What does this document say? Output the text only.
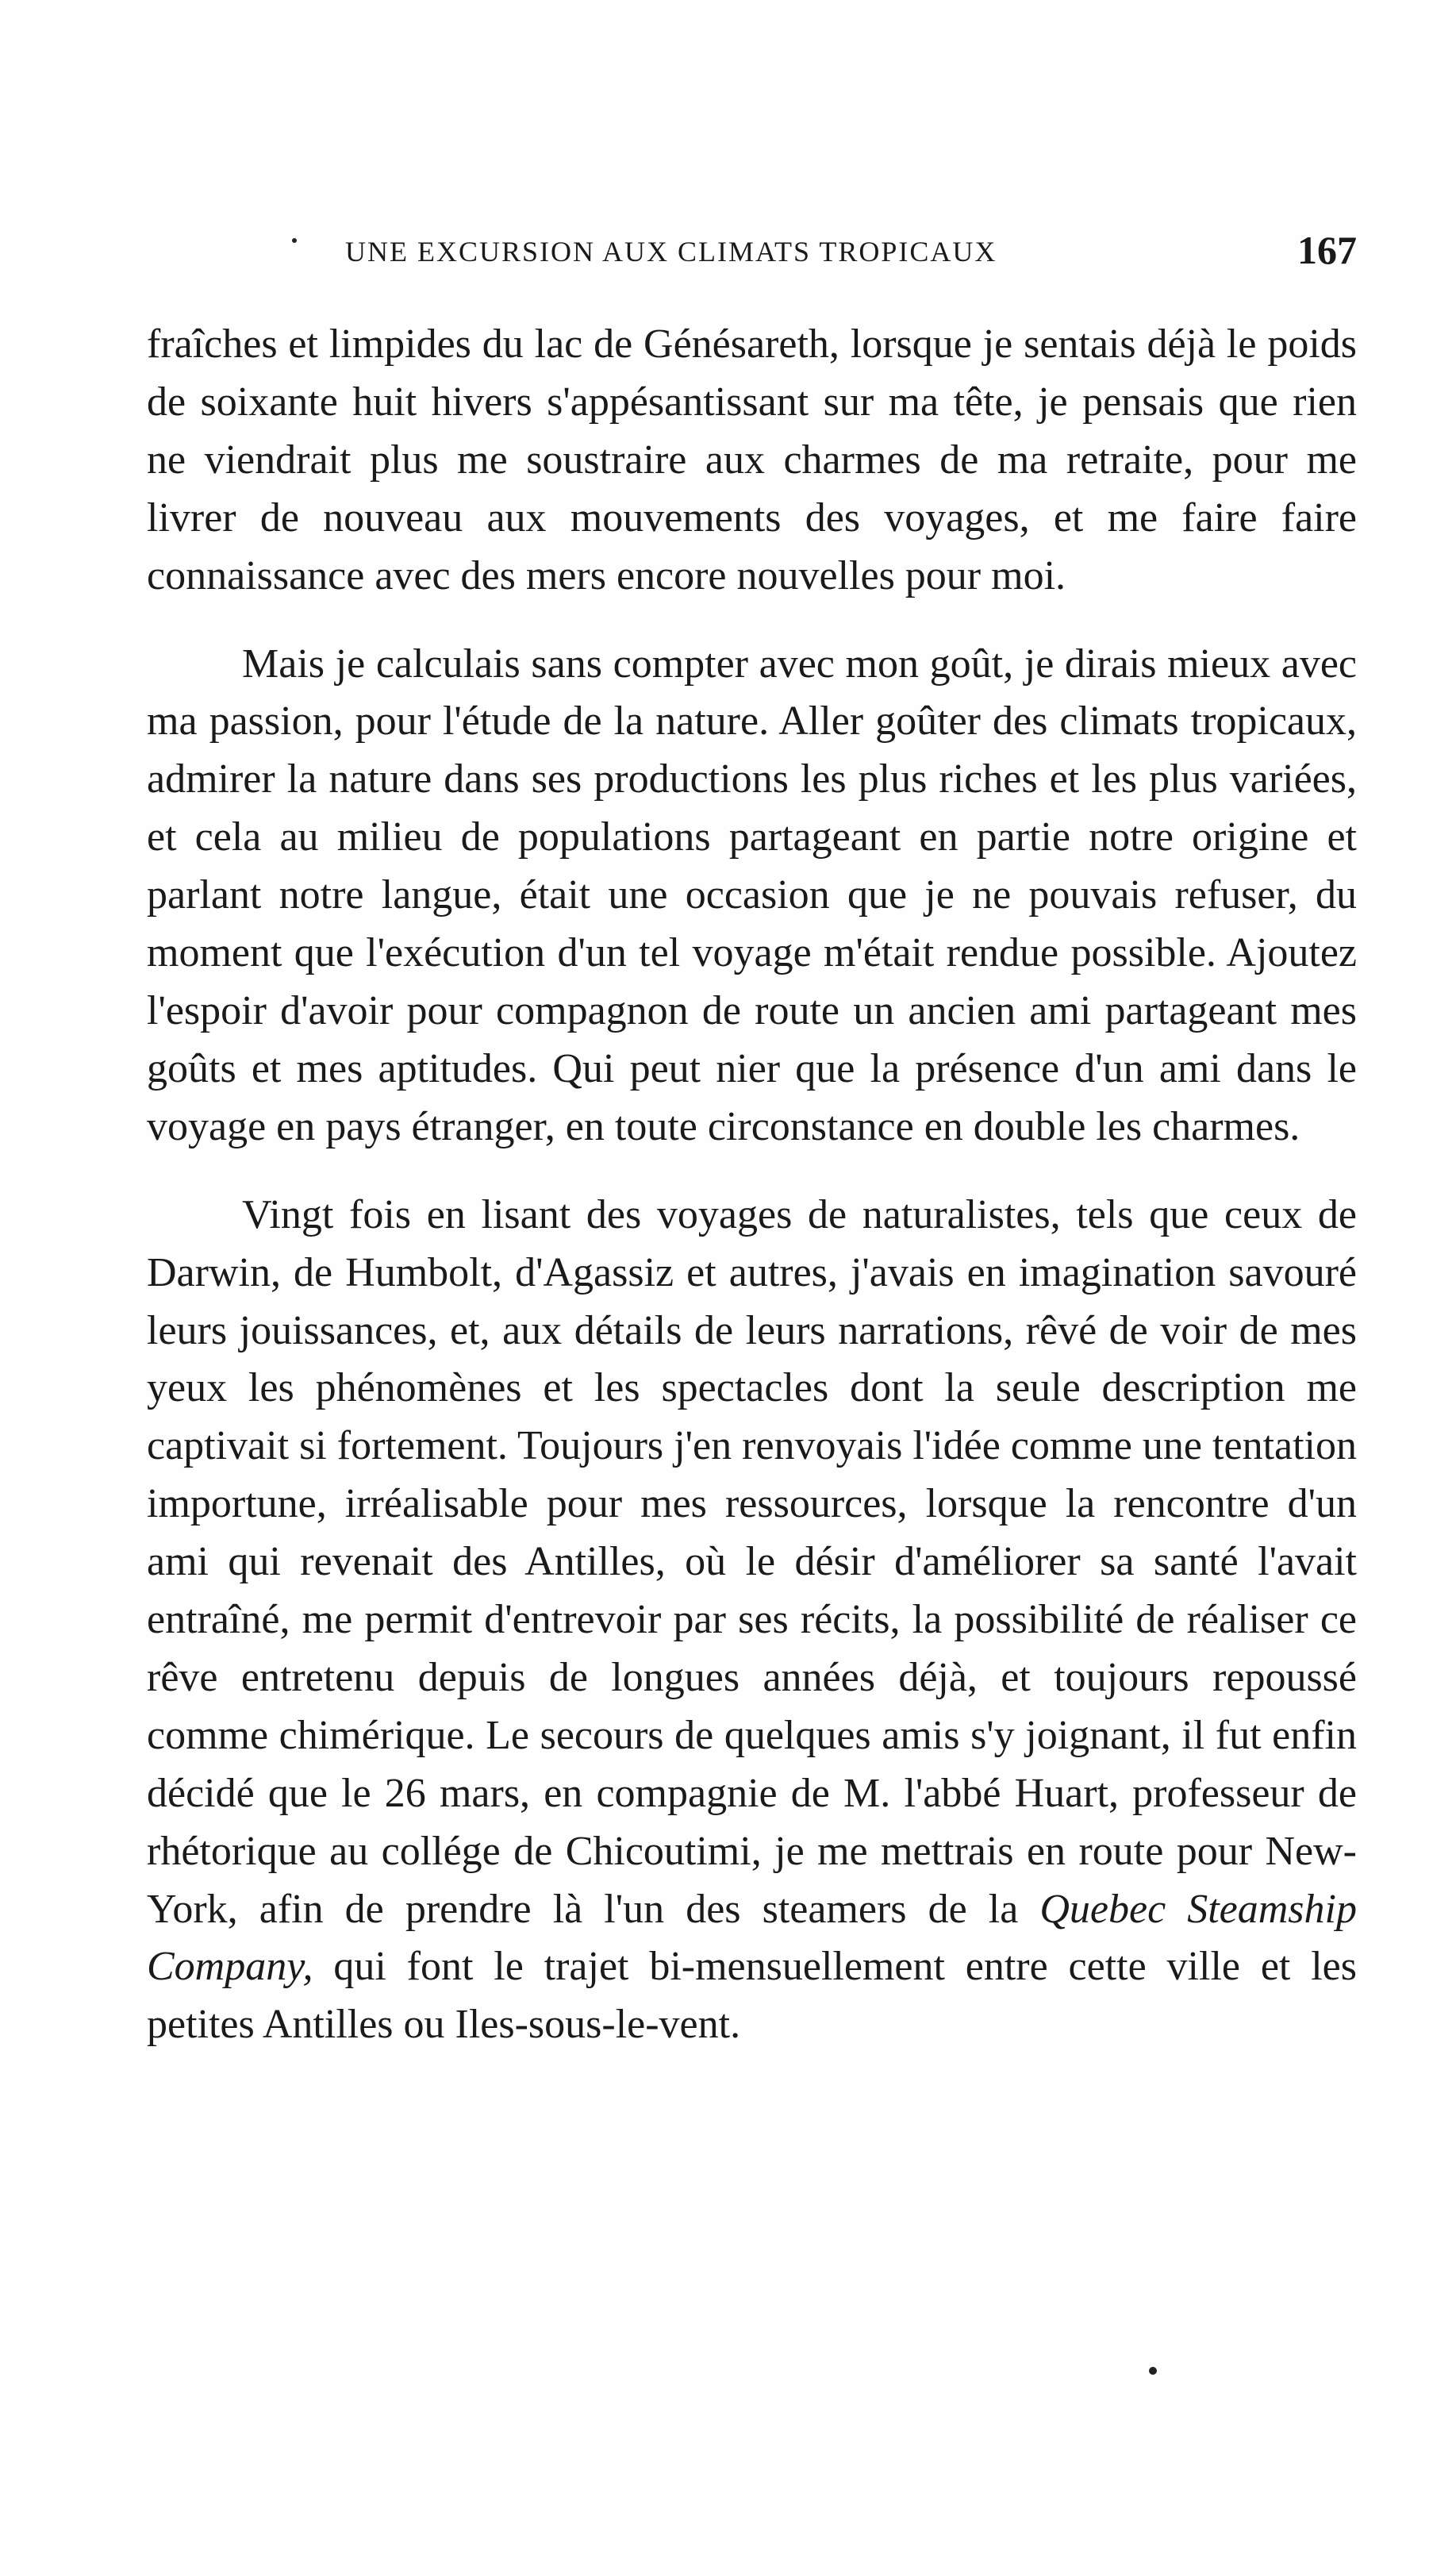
UNE EXCURSION AUX CLIMATS TROPICAUX	167

fraîches et limpides du lac de Génésareth, lorsque je sentais déjà le poids de soixante huit hivers s'appésantissant sur ma tête, je pensais que rien ne viendrait plus me soustraire aux charmes de ma retraite, pour me livrer de nouveau aux mouvements des voyages, et me faire faire connaissance avec des mers encore nouvelles pour moi.

Mais je calculais sans compter avec mon goût, je dirais mieux avec ma passion, pour l'étude de la nature. Aller goûter des climats tropicaux, admirer la nature dans ses productions les plus riches et les plus variées, et cela au milieu de populations partageant en partie notre origine et parlant notre langue, était une occasion que je ne pouvais refuser, du moment que l'exécution d'un tel voyage m'était rendue possible. Ajoutez l'espoir d'avoir pour compagnon de route un ancien ami partageant mes goûts et mes aptitudes. Qui peut nier que la présence d'un ami dans le voyage en pays étranger, en toute circonstance en double les charmes.

Vingt fois en lisant des voyages de naturalistes, tels que ceux de Darwin, de Humbolt, d'Agassiz et autres, j'avais en imagination savouré leurs jouissances, et, aux détails de leurs narrations, rêvé de voir de mes yeux les phénomènes et les spectacles dont la seule description me captivait si fortement. Toujours j'en renvoyais l'idée comme une tentation importune, irréalisable pour mes ressources, lorsque la rencontre d'un ami qui revenait des Antilles, où le désir d'améliorer sa santé l'avait entraîné, me permit d'entrevoir par ses récits, la possibilité de réaliser ce rêve entretenu depuis de longues années déjà, et toujours repoussé comme chimérique. Le secours de quelques amis s'y joignant, il fut enfin décidé que le 26 mars, en compagnie de M. l'abbé Huart, professeur de rhétorique au collége de Chicoutimi, je me mettrais en route pour New-York, afin de prendre là l'un des steamers de la Quebec Steamship Company, qui font le trajet bi-mensuellement entre cette ville et les petites Antilles ou Iles-sous-le-vent.
